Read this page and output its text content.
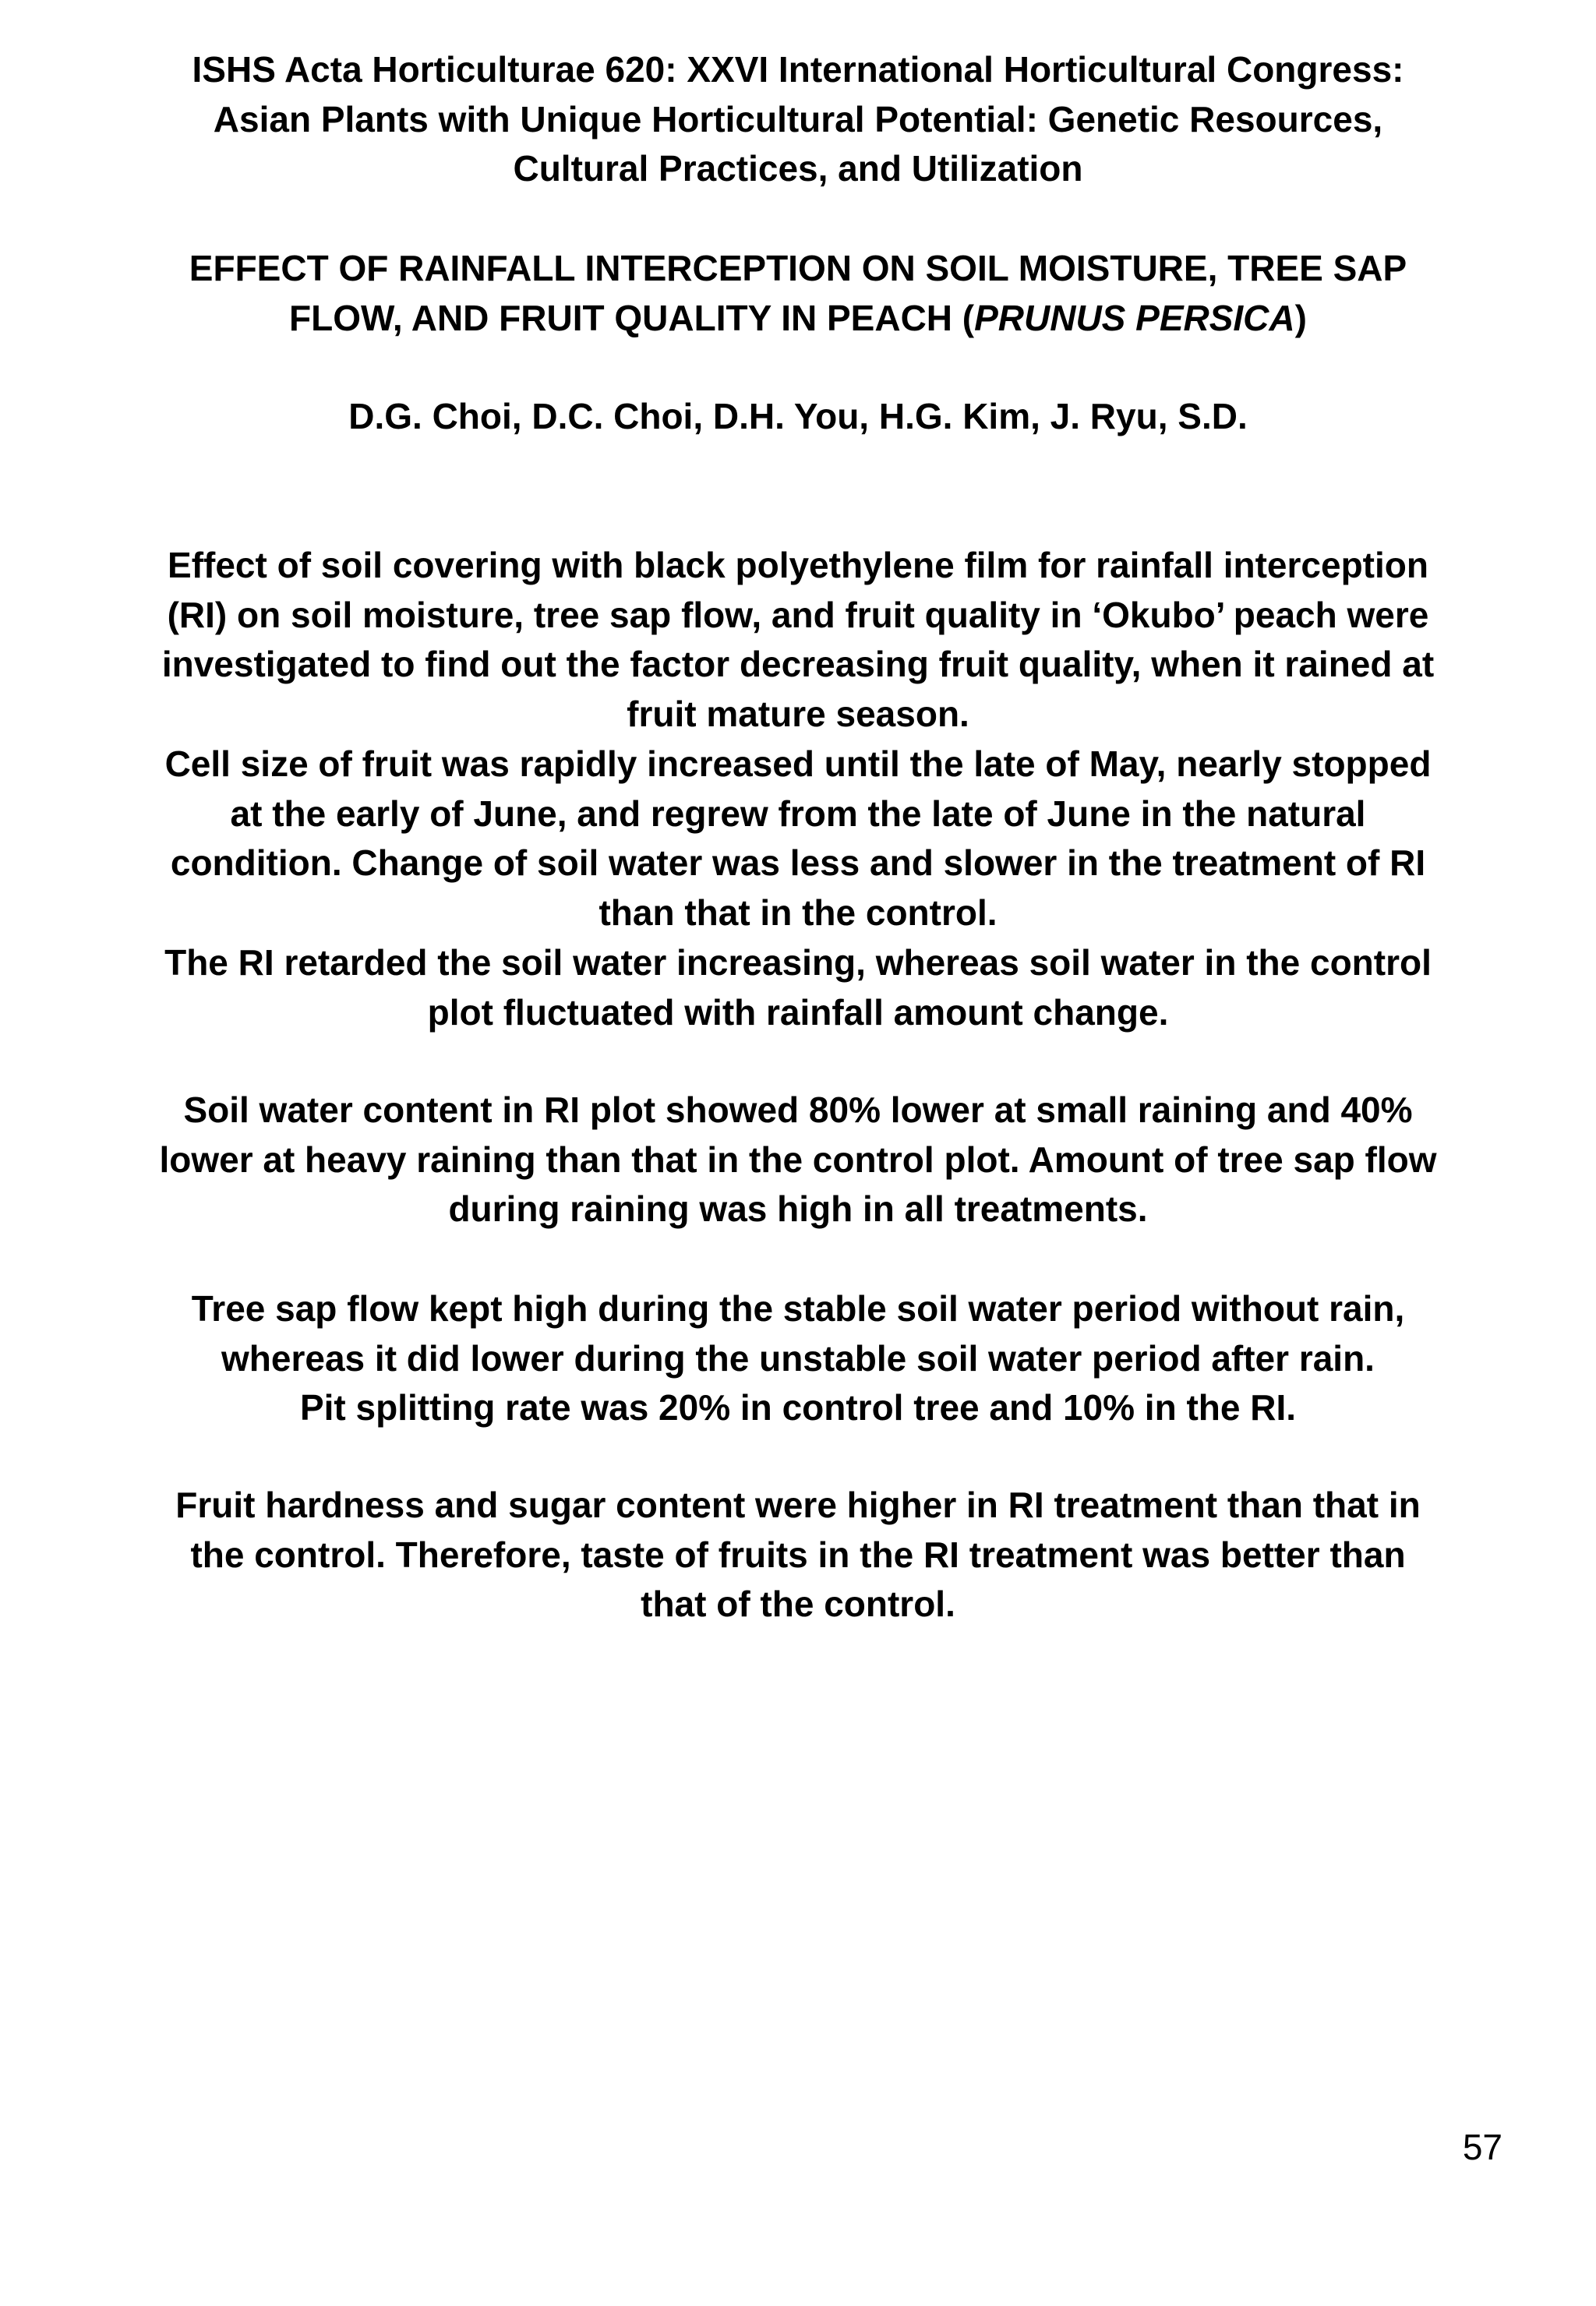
ISHS Acta Horticulturae 620: XXVI International Horticultural Congress:
Asian Plants with Unique Horticultural Potential: Genetic Resources,
Cultural Practices, and Utilization
EFFECT OF RAINFALL INTERCEPTION ON SOIL MOISTURE, TREE SAP
FLOW, AND FRUIT QUALITY IN PEACH (PRUNUS PERSICA)
D.G. Choi, D.C. Choi, D.H. You, H.G. Kim, J. Ryu, S.D.
Effect of soil covering with black polyethylene film for rainfall interception
(RI) on soil moisture, tree sap flow, and fruit quality in ‘Okubo’ peach were
investigated to find out the factor decreasing fruit quality, when it rained at
fruit mature season.
Cell size of fruit was rapidly increased until the late of May, nearly stopped
at the early of June, and regrew from the late of June in the natural
condition. Change of soil water was less and slower in the treatment of RI
than that in the control.
The RI retarded the soil water increasing, whereas soil water in the control
plot fluctuated with rainfall amount change.
Soil water content in RI plot showed 80% lower at small raining and 40%
lower at heavy raining than that in the control plot. Amount of tree sap flow
during raining was high in all treatments.
Tree sap flow kept high during the stable soil water period without rain,
whereas it did lower during the unstable soil water period after rain.
Pit splitting rate was 20% in control tree and 10% in the RI.
Fruit hardness and sugar content were higher in RI treatment than that in
the control. Therefore, taste of fruits in the RI treatment was better than
that of the control.
57
